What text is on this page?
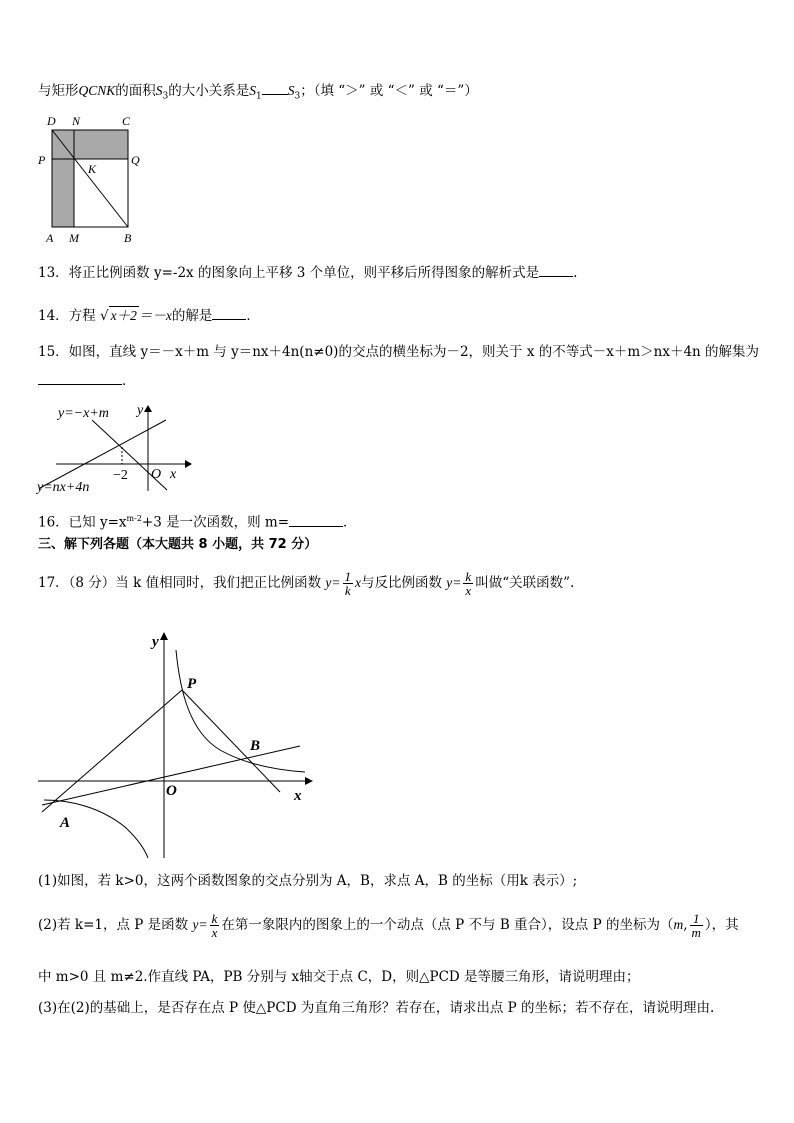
与矩形QCNK的面积$S_3$的大小关系是$S_1$ $S_3$；（填 “＞” 或 “＜” 或 “＝”）
D N	C
P	Q
K
A M	B
13．将正比例函数 y=-2x 的图象向上平移 3 个单位，则平移后所得图象的解析式是	.
14．方程 √ x＋2 ＝－x的解是	．
15．如图，直线 y＝－x＋m 与 y＝nx＋4n(n≠0)的交点的横坐标为－2，则关于 x 的不等式－x＋m＞nx＋4n 的解集为
．
y=−x+m
y=nx+4n
y
x
O
−2
16．已知 $y=x^{m-2}+3$ 是一次函数，则 m=	．
三、解下列各题（本大题共 8 小题，共 72 分）
17．（8 分）当 k 值相同时，我们把正比例函数 $y= \frac{1}{k}$ x与反比例函数 $y= \frac{k}{x}$ 叫做“关联函数”.
y
P
B
O	x
A
(1)如图，若 k>0，这两个函数图象的交点分别为 A，B，求点 A，B 的坐标（用k 表示）;
(2)若 k=1，点 P 是函数 $y= \frac{k}{x}$ 在第一象限内的图象上的一个动点（点 P 不与 B 重合），设点 P 的坐标为（m, $\frac{1}{m}$ ），其
中 m>0 且 m≠2.作直线 PA，PB 分别与 x轴交于点 C，D，则△PCD 是等腰三角形，请说明理由；
(3)在(2)的基础上，是否存在点 P 使△PCD 为直角三角形？若存在，请求出点 P 的坐标；若不存在，请说明理由.
